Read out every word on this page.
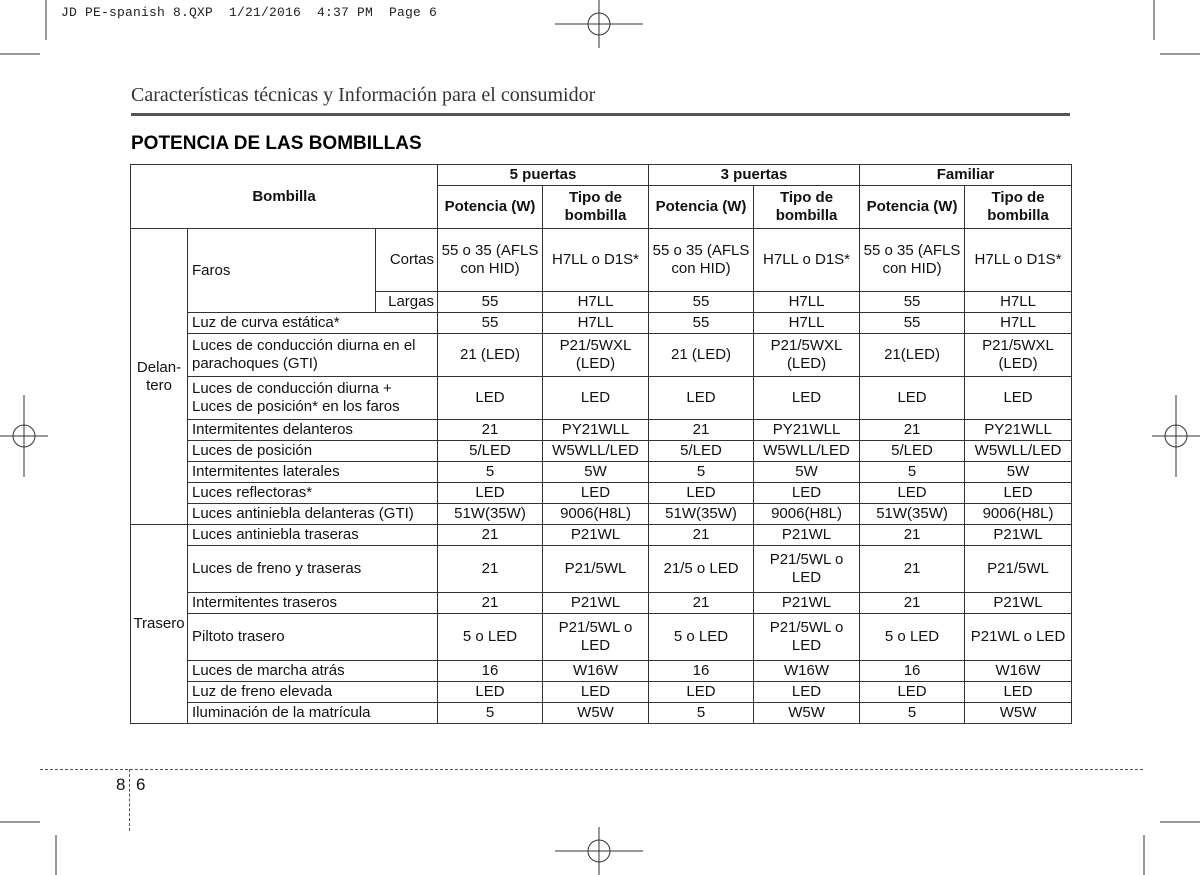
JD PE-spanish 8.QXP  1/21/2016  4:37 PM  Page 6
Características técnicas y Información para el consumidor
POTENCIA DE LAS BOMBILLAS
Bombilla			5 puertas		3 puertas		Familiar	
			Potencia (W)	Tipo de bombilla	Potencia (W)	Tipo de bombilla	Potencia (W)	Tipo de bombilla
Delan- tero	Faros	Cortas	55 o 35 (AFLS con HID)	H7LL o D1S*	55 o 35 (AFLS con HID)	H7LL o D1S*	55 o 35 (AFLS con HID)	H7LL o D1S*
		Largas	55	H7LL	55	H7LL	55	H7LL
	Luz de curva estática*		55	H7LL	55	H7LL	55	H7LL
	Luces de conducción diurna en el parachoques (GTI)		21 (LED)	P21/5WXL (LED)	21 (LED)	P21/5WXL (LED)	21(LED)	P21/5WXL (LED)
	Luces de conducción diurna + Luces de posición* en los faros		LED	LED	LED	LED	LED	LED
	Intermitentes delanteros		21	PY21WLL	21	PY21WLL	21	PY21WLL
	Luces de posición		5/LED	W5WLL/LED	5/LED	W5WLL/LED	5/LED	W5WLL/LED
	Intermitentes laterales		5	5W	5	5W	5	5W
	Luces reflectoras*		LED	LED	LED	LED	LED	LED
	Luces antiniebla delanteras (GTI)		51W(35W)	9006(H8L)	51W(35W)	9006(H8L)	51W(35W)	9006(H8L)
Trasero	Luces antiniebla traseras		21	P21WL	21	P21WL	21	P21WL
	Luces de freno y traseras		21	P21/5WL	21/5 o LED	P21/5WL o LED	21	P21/5WL
	Intermitentes traseros		21	P21WL	21	P21WL	21	P21WL
	Piltoto trasero		5 o LED	P21/5WL o LED	5 o LED	P21/5WL o LED	5 o LED	P21WL o LED
	Luces de marcha atrás		16	W16W	16	W16W	16	W16W
	Luz de freno elevada		LED	LED	LED	LED	LED	LED
	Iluminación de la matrícula		5	W5W	5	W5W	5	W5W
8 6
